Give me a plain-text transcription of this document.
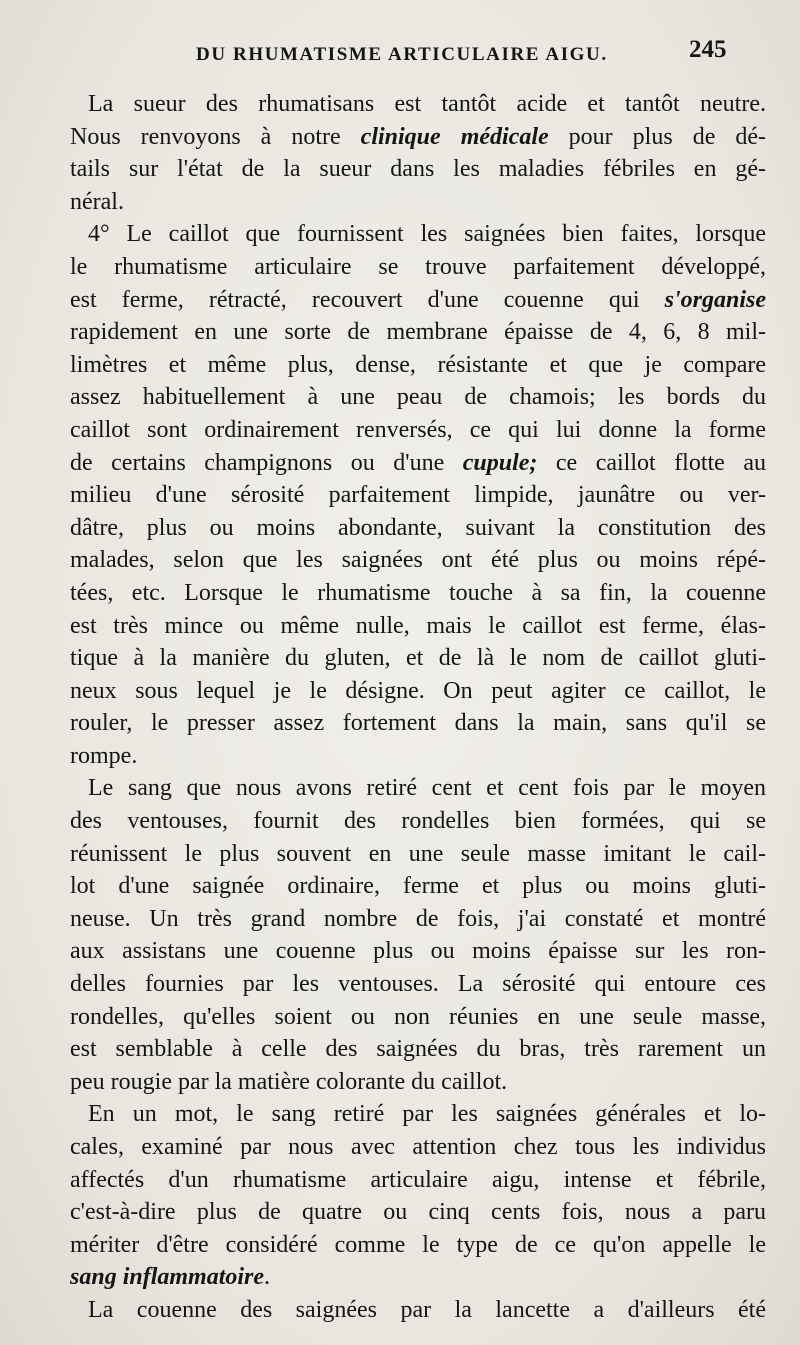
DU RHUMATISME ARTICULAIRE AIGU.	245

La sueur des rhumatisans est tantôt acide et tantôt neutre.
Nous renvoyons à notre clinique médicale pour plus de dé-
tails sur l'état de la sueur dans les maladies fébriles en gé-
néral.

4° Le caillot que fournissent les saignées bien faites, lorsque
le rhumatisme articulaire se trouve parfaitement développé,
est ferme, rétracté, recouvert d'une couenne qui s'organise
rapidement en une sorte de membrane épaisse de 4, 6, 8 mil-
limètres et même plus, dense, résistante et que je compare
assez habituellement à une peau de chamois; les bords du
caillot sont ordinairement renversés, ce qui lui donne la forme
de certains champignons ou d'une cupule; ce caillot flotte au
milieu d'une sérosité parfaitement limpide, jaunâtre ou ver-
dâtre, plus ou moins abondante, suivant la constitution des
malades, selon que les saignées ont été plus ou moins répé-
tées, etc. Lorsque le rhumatisme touche à sa fin, la couenne
est très mince ou même nulle, mais le caillot est ferme, élas-
tique à la manière du gluten, et de là le nom de caillot gluti-
neux sous lequel je le désigne. On peut agiter ce caillot, le
rouler, le presser assez fortement dans la main, sans qu'il se
rompe.

Le sang que nous avons retiré cent et cent fois par le moyen
des ventouses, fournit des rondelles bien formées, qui se
réunissent le plus souvent en une seule masse imitant le cail-
lot d'une saignée ordinaire, ferme et plus ou moins gluti-
neuse. Un très grand nombre de fois, j'ai constaté et montré
aux assistans une couenne plus ou moins épaisse sur les ron-
delles fournies par les ventouses. La sérosité qui entoure ces
rondelles, qu'elles soient ou non réunies en une seule masse,
est semblable à celle des saignées du bras, très rarement un
peu rougie par la matière colorante du caillot.

En un mot, le sang retiré par les saignées générales et lo-
cales, examiné par nous avec attention chez tous les individus
affectés d'un rhumatisme articulaire aigu, intense et fébrile,
c'est-à-dire plus de quatre ou cinq cents fois, nous a paru
mériter d'être considéré comme le type de ce qu'on appelle le
sang inflammatoire.

La couenne des saignées par la lancette a d'ailleurs été
